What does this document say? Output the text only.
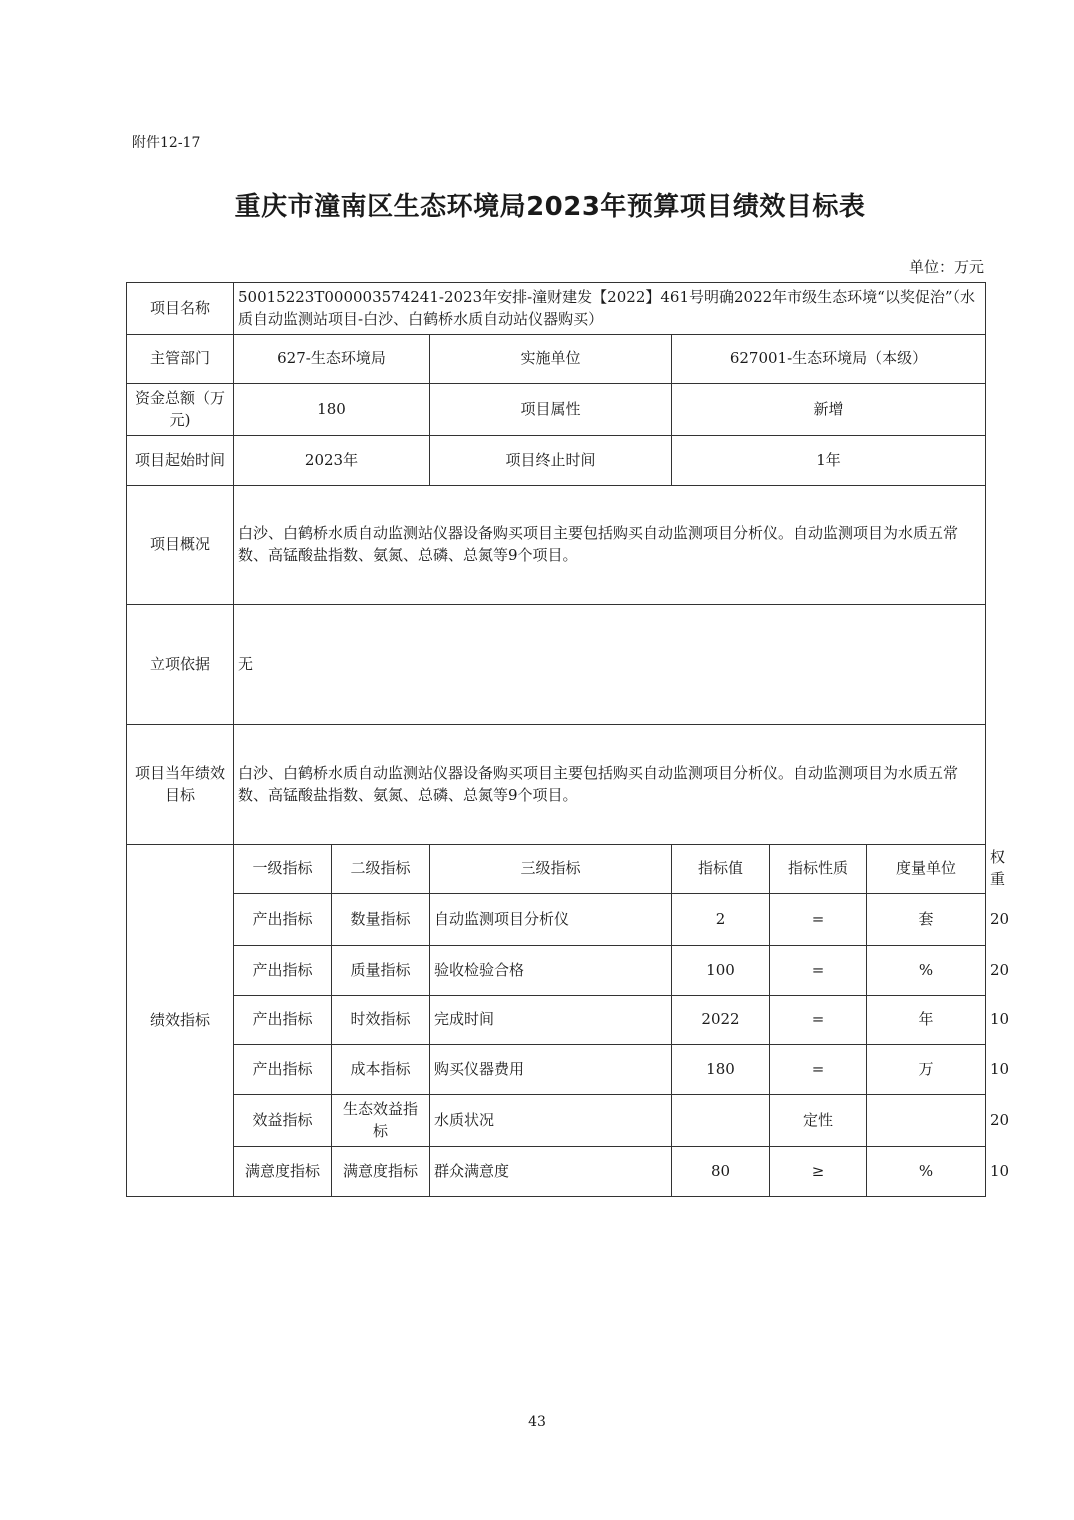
附件12-17
重庆市潼南区生态环境局2023年预算项目绩效目标表
单位：万元

项目名称	50015223T000003574241-2023年安排-潼财建发【2022】461号明确2022年市级生态环境“以奖促治”（水质自动监测站项目-白沙、白鹤桥水质自动站仪器购买）							
主管部门	627-生态环境局		实施单位		627001-生态环境局（本级）			
资金总额（万元)	180		项目属性		新增			
项目起始时间	2023年		项目终止时间		1年			
项目概况	白沙、白鹤桥水质自动监测站仪器设备购买项目主要包括购买自动监测项目分析仪。自动监测项目为水质五常数、高锰酸盐指数、氨氮、总磷、总氮等9个项目。							
立项依据	无							
项目当年绩效目标	白沙、白鹤桥水质自动监测站仪器设备购买项目主要包括购买自动监测项目分析仪。自动监测项目为水质五常数、高锰酸盐指数、氨氮、总磷、总氮等9个项目。							
绩效指标	一级指标	二级指标	三级指标		指标值	指标性质	度量单位	权重
	产出指标	数量指标	自动监测项目分析仪		2	=	套	20
	产出指标	质量指标	验收检验合格		100	=	%	20
	产出指标	时效指标	完成时间		2022	=	年	10
	产出指标	成本指标	购买仪器费用		180	=	万	10
	效益指标	生态效益指标	水质状况			定性		20
	满意度指标	满意度指标	群众满意度		80	≥	%	10
43
